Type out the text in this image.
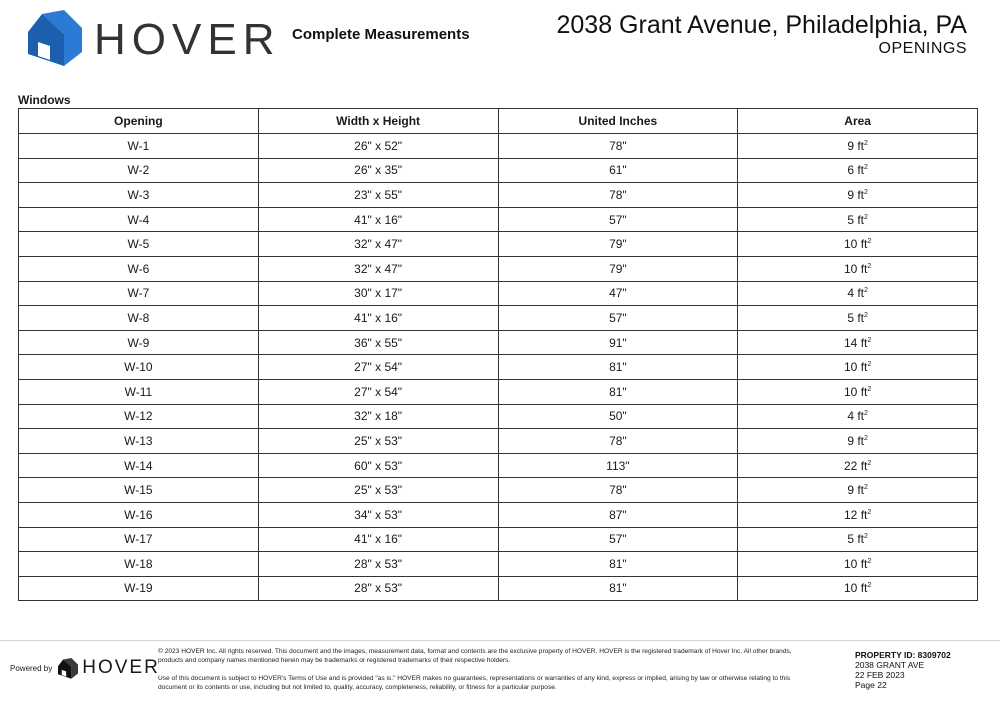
HOVER Complete Measurements	2038 Grant Avenue, Philadelphia, PA
OPENINGS
Windows
Opening	Width x Height	United Inches	Area
W-1	26" x 52"	78"	9 $ft^2$
W-2	26" x 35"	61"	6 $ft^2$
W-3	23" x 55"	78"	9 $ft^2$
W-4	41" x 16"	57"	5 $ft^2$
W-5	32" x 47"	79"	10 $ft^2$
W-6	32" x 47"	79"	10 $ft^2$
W-7	30" x 17"	47"	4 $ft^2$
W-8	41" x 16"	57"	5 $ft^2$
W-9	36" x 55"	91"	14 $ft^2$
W-10	27" x 54"	81"	10 $ft^2$
W-11	27" x 54"	81"	10 $ft^2$
W-12	32" x 18"	50"	4 $ft^2$
W-13	25" x 53"	78"	9 $ft^2$
W-14	60" x 53"	113"	22 $ft^2$
W-15	25" x 53"	78"	9 $ft^2$
W-16	34" x 53"	87"	12 $ft^2$
W-17	41" x 16"	57"	5 $ft^2$
W-18	28" x 53"	81"	10 $ft^2$
W-19	28" x 53"	81"	10 $ft^2$
Powered by HOVER

© 2023 HOVER Inc. All rights reserved. This document and the images, measurement data, format and contents are the exclusive property of HOVER. HOVER is the registered trademark of Hover Inc. All other brands, products and company names mentioned herein may be trademarks or registered trademarks of their respective holders.

Use of this document is subject to HOVER's Terms of Use and is provided "as is." HOVER makes no guarantees, representations or warranties of any kind, express or implied, arising by law or otherwise relating to this document or its contents or use, including but not limited to, quality, accuracy, completeness, reliability, or fitness for a particular purpose.

PROPERTY ID: 8309702
2038 GRANT AVE
22 FEB 2023
Page 22
